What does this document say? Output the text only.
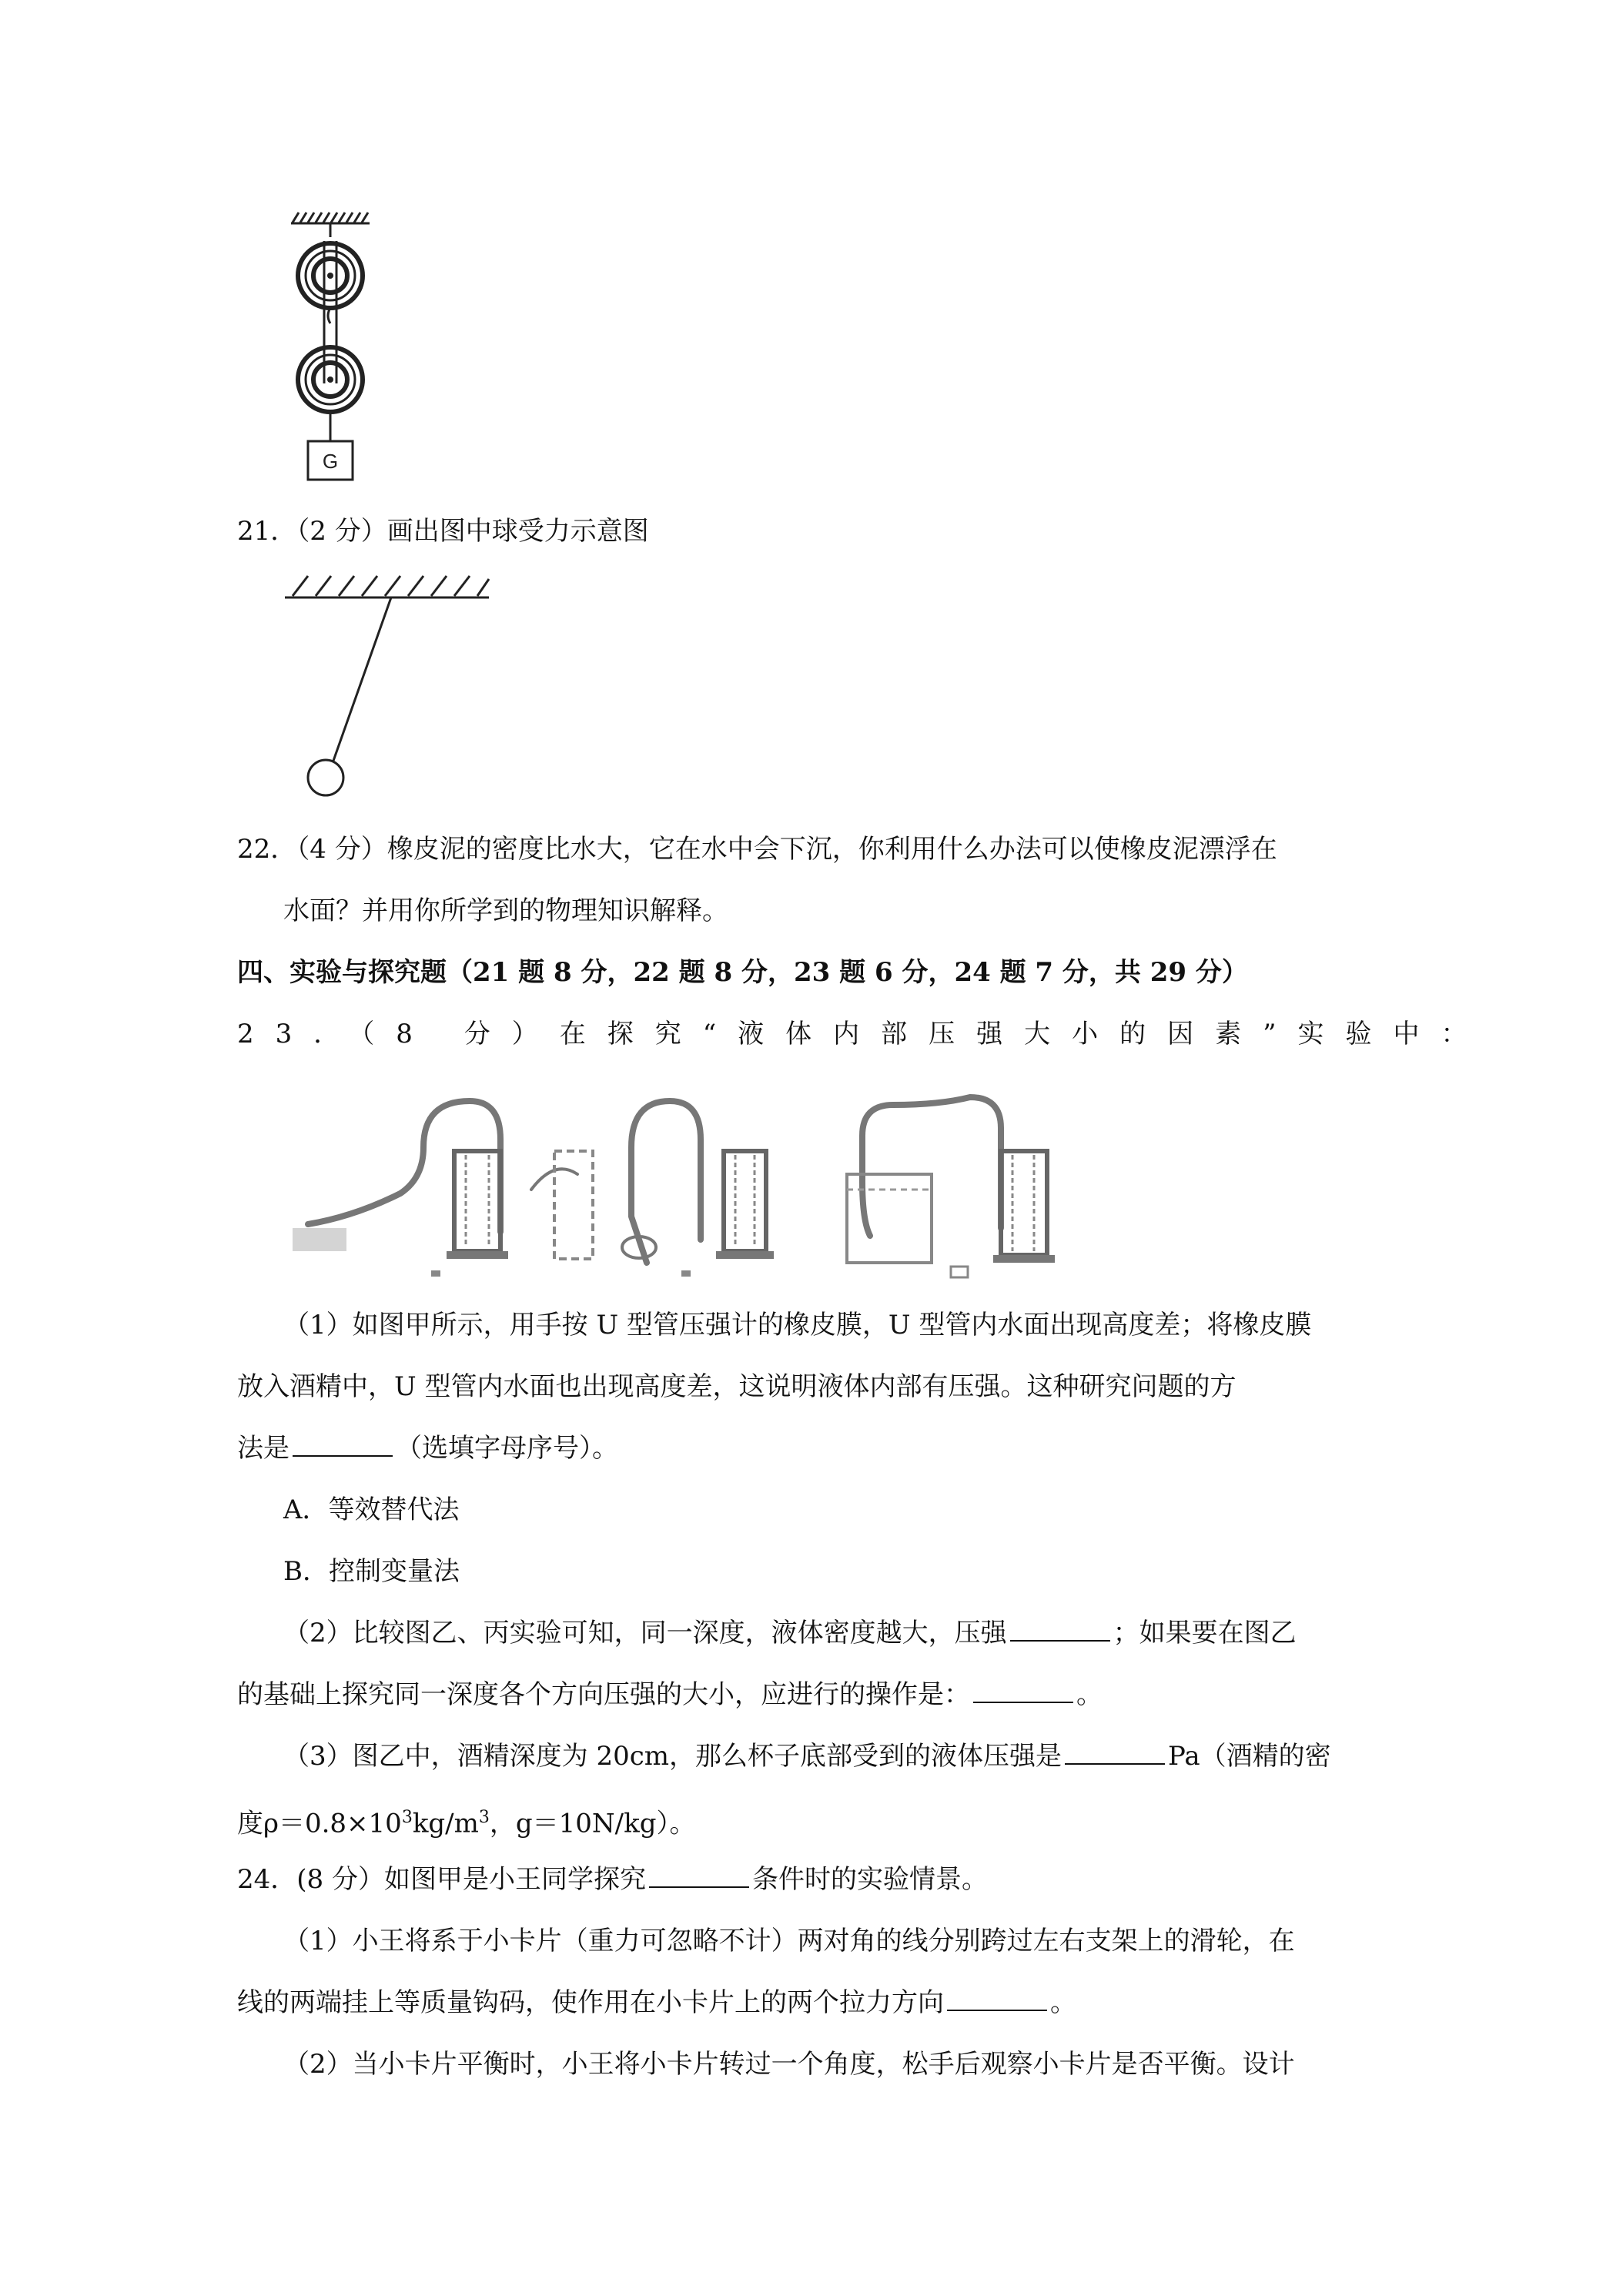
G
21．（2 分）画出图中球受力示意图
22．（4 分）橡皮泥的密度比水大，它在水中会下沉，你利用什么办法可以使橡皮泥漂浮在
水面？并用你所学到的物理知识解释。
四、实验与探究题（21 题 8 分，22 题 8 分，23 题 6 分，24 题 7 分，共 29 分）
23．（8 分）在探究“液体内部压强大小的因素”实验中：
（1）如图甲所示，用手按 U 型管压强计的橡皮膜，U 型管内水面出现高度差；将橡皮膜
放入酒精中，U 型管内水面也出现高度差，这说明液体内部有压强。这种研究问题的方
法是	（选填字母序号）。
A．等效替代法
B．控制变量法
（2）比较图乙、丙实验可知，同一深度，液体密度越大，压强	；如果要在图乙
的基础上探究同一深度各个方向压强的大小，应进行的操作是：	。
（3）图乙中，酒精深度为 20cm，那么杯子底部受到的液体压强是	Pa（酒精的密
度$\rho=0.8\times 10^3kg/m^3$，g＝10N/kg）。
24．(8 分）如图甲是小王同学探究	条件时的实验情景。
（1）小王将系于小卡片（重力可忽略不计）两对角的线分别跨过左右支架上的滑轮，在
线的两端挂上等质量钩码，使作用在小卡片上的两个拉力方向	。
（2）当小卡片平衡时，小王将小卡片转过一个角度，松手后观察小卡片是否平衡。设计
